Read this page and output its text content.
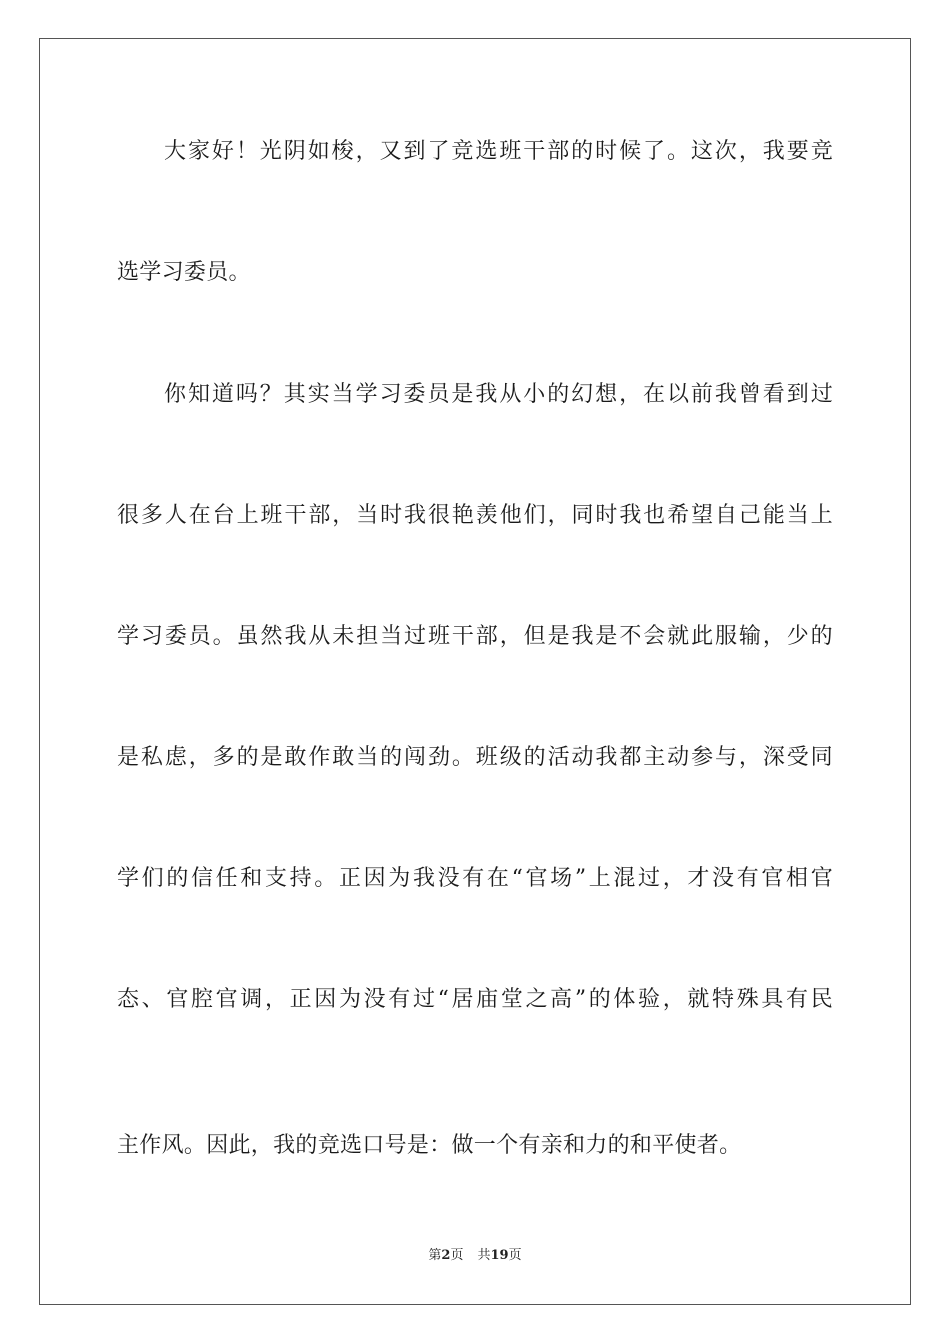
大家好！光阴如梭，又到了竞选班干部的时候了。这次，我要竞
选学习委员。
你知道吗？其实当学习委员是我从小的幻想，在以前我曾看到过
很多人在台上班干部，当时我很艳羡他们，同时我也希望自己能当上
学习委员。虽然我从未担当过班干部，但是我是不会就此服输，少的
是私虑，多的是敢作敢当的闯劲。班级的活动我都主动参与，深受同
学们的信任和支持。正因为我没有在“官场”上混过，才没有官相官
态、官腔官调，正因为没有过“居庙堂之高”的体验，就特殊具有民
主作风。因此，我的竞选口号是：做一个有亲和力的和平使者。
第2页 共19页
